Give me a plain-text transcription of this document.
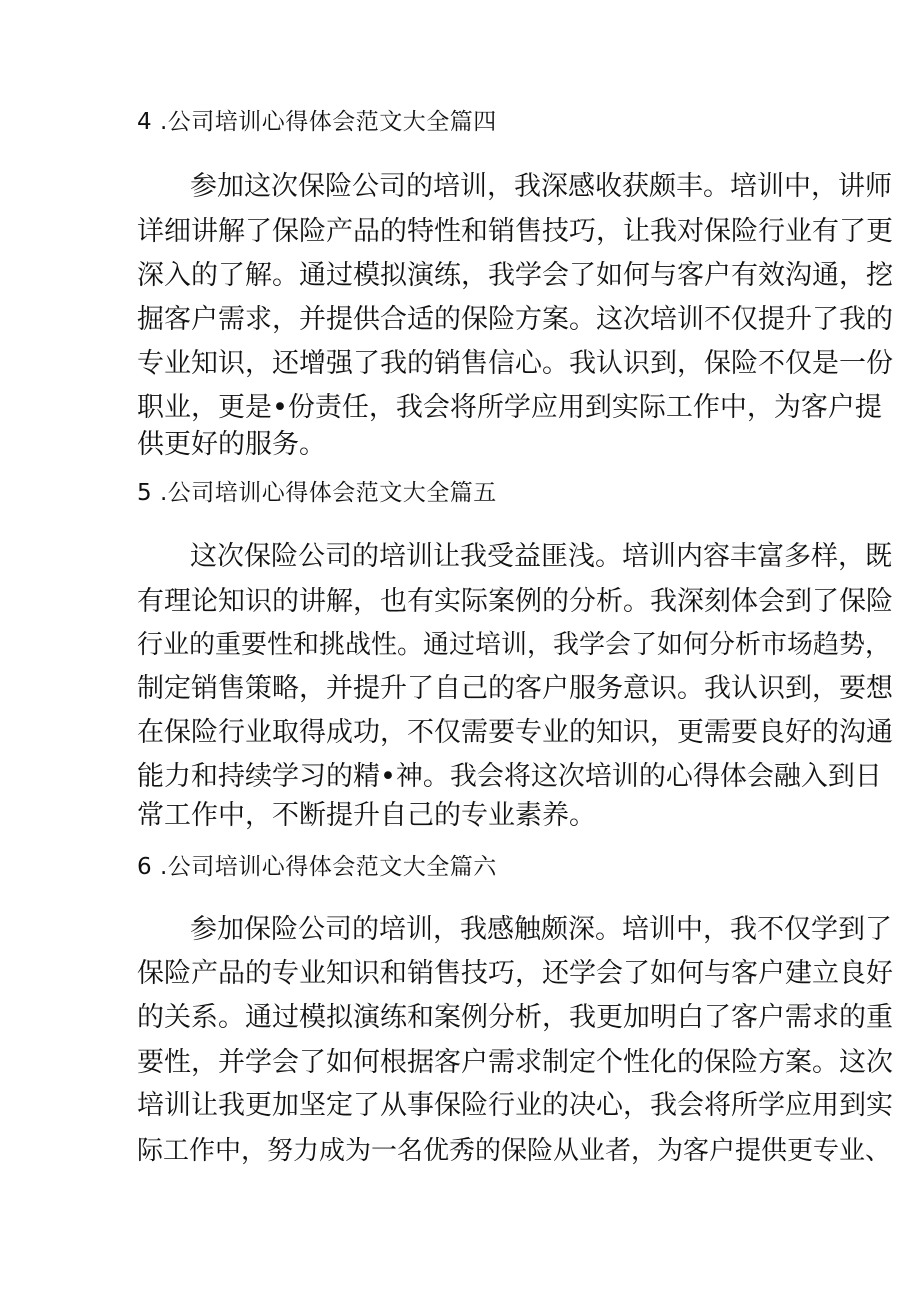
4 .公司培训心得体会范文大全篇四
参加这次保险公司的培训，我深感收获颇丰。培训中，讲师
详细讲解了保险产品的特性和销售技巧，让我对保险行业有了更
深入的了解。通过模拟演练，我学会了如何与客户有效沟通，挖
掘客户需求，并提供合适的保险方案。这次培训不仅提升了我的
专业知识，还增强了我的销售信心。我认识到，保险不仅是一份
职业，更是•份责任，我会将所学应用到实际工作中，为客户提
供更好的服务。
5 .公司培训心得体会范文大全篇五
这次保险公司的培训让我受益匪浅。培训内容丰富多样，既
有理论知识的讲解，也有实际案例的分析。我深刻体会到了保险
行业的重要性和挑战性。通过培训，我学会了如何分析市场趋势，
制定销售策略，并提升了自己的客户服务意识。我认识到，要想
在保险行业取得成功，不仅需要专业的知识，更需要良好的沟通
能力和持续学习的精•神。我会将这次培训的心得体会融入到日
常工作中，不断提升自己的专业素养。
6 .公司培训心得体会范文大全篇六
参加保险公司的培训，我感触颇深。培训中，我不仅学到了
保险产品的专业知识和销售技巧，还学会了如何与客户建立良好
的关系。通过模拟演练和案例分析，我更加明白了客户需求的重
要性，并学会了如何根据客户需求制定个性化的保险方案。这次
培训让我更加坚定了从事保险行业的决心，我会将所学应用到实
际工作中，努力成为一名优秀的保险从业者，为客户提供更专业、
